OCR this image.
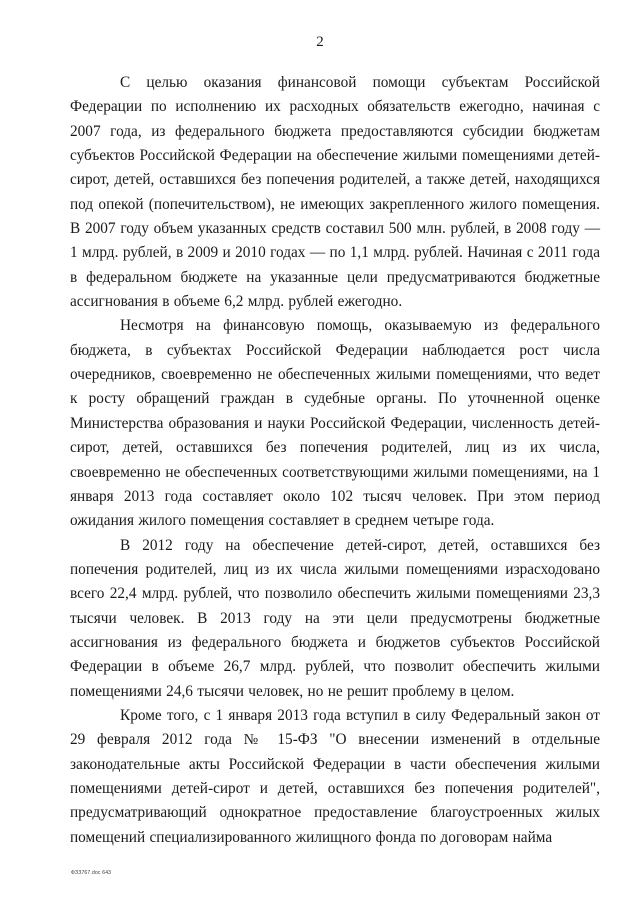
2

С целью оказания финансовой помощи субъектам Российской Федерации по исполнению их расходных обязательств ежегодно, начиная с 2007 года, из федерального бюджета предоставляются субсидии бюджетам субъектов Российской Федерации на обеспечение жилыми помещениями детей-сирот, детей, оставшихся без попечения родителей, а также детей, находящихся под опекой (попечительством), не имеющих закрепленного жилого помещения. В 2007 году объем указанных средств составил 500 млн. рублей, в 2008 году — 1 млрд. рублей, в 2009 и 2010 годах — по 1,1 млрд. рублей. Начиная с 2011 года в федеральном бюджете на указанные цели предусматриваются бюджетные ассигнования в объеме 6,2 млрд. рублей ежегодно.

Несмотря на финансовую помощь, оказываемую из федерального бюджета, в субъектах Российской Федерации наблюдается рост числа очередников, своевременно не обеспеченных жилыми помещениями, что ведет к росту обращений граждан в судебные органы. По уточненной оценке Министерства образования и науки Российской Федерации, численность детей-сирот, детей, оставшихся без попечения родителей, лиц из их числа, своевременно не обеспеченных соответствующими жилыми помещениями, на 1 января 2013 года составляет около 102 тысяч человек. При этом период ожидания жилого помещения составляет в среднем четыре года.

В 2012 году на обеспечение детей-сирот, детей, оставшихся без попечения родителей, лиц из их числа жилыми помещениями израсходовано всего 22,4 млрд. рублей, что позволило обеспечить жилыми помещениями 23,3 тысячи человек. В 2013 году на эти цели предусмотрены бюджетные ассигнования из федерального бюджета и бюджетов субъектов Российской Федерации в объеме 26,7 млрд. рублей, что позволит обеспечить жилыми помещениями 24,6 тысячи человек, но не решит проблему в целом.

Кроме того, с 1 января 2013 года вступил в силу Федеральный закон от 29 февраля 2012 года № 15-ФЗ "О внесении изменений в отдельные законодательные акты Российской Федерации в части обеспечения жилыми помещениями детей-сирот и детей, оставшихся без попечения родителей", предусматривающий однократное предоставление благоустроенных жилых помещений специализированного жилищного фонда по договорам найма

ФЗЗ767.doc 643
